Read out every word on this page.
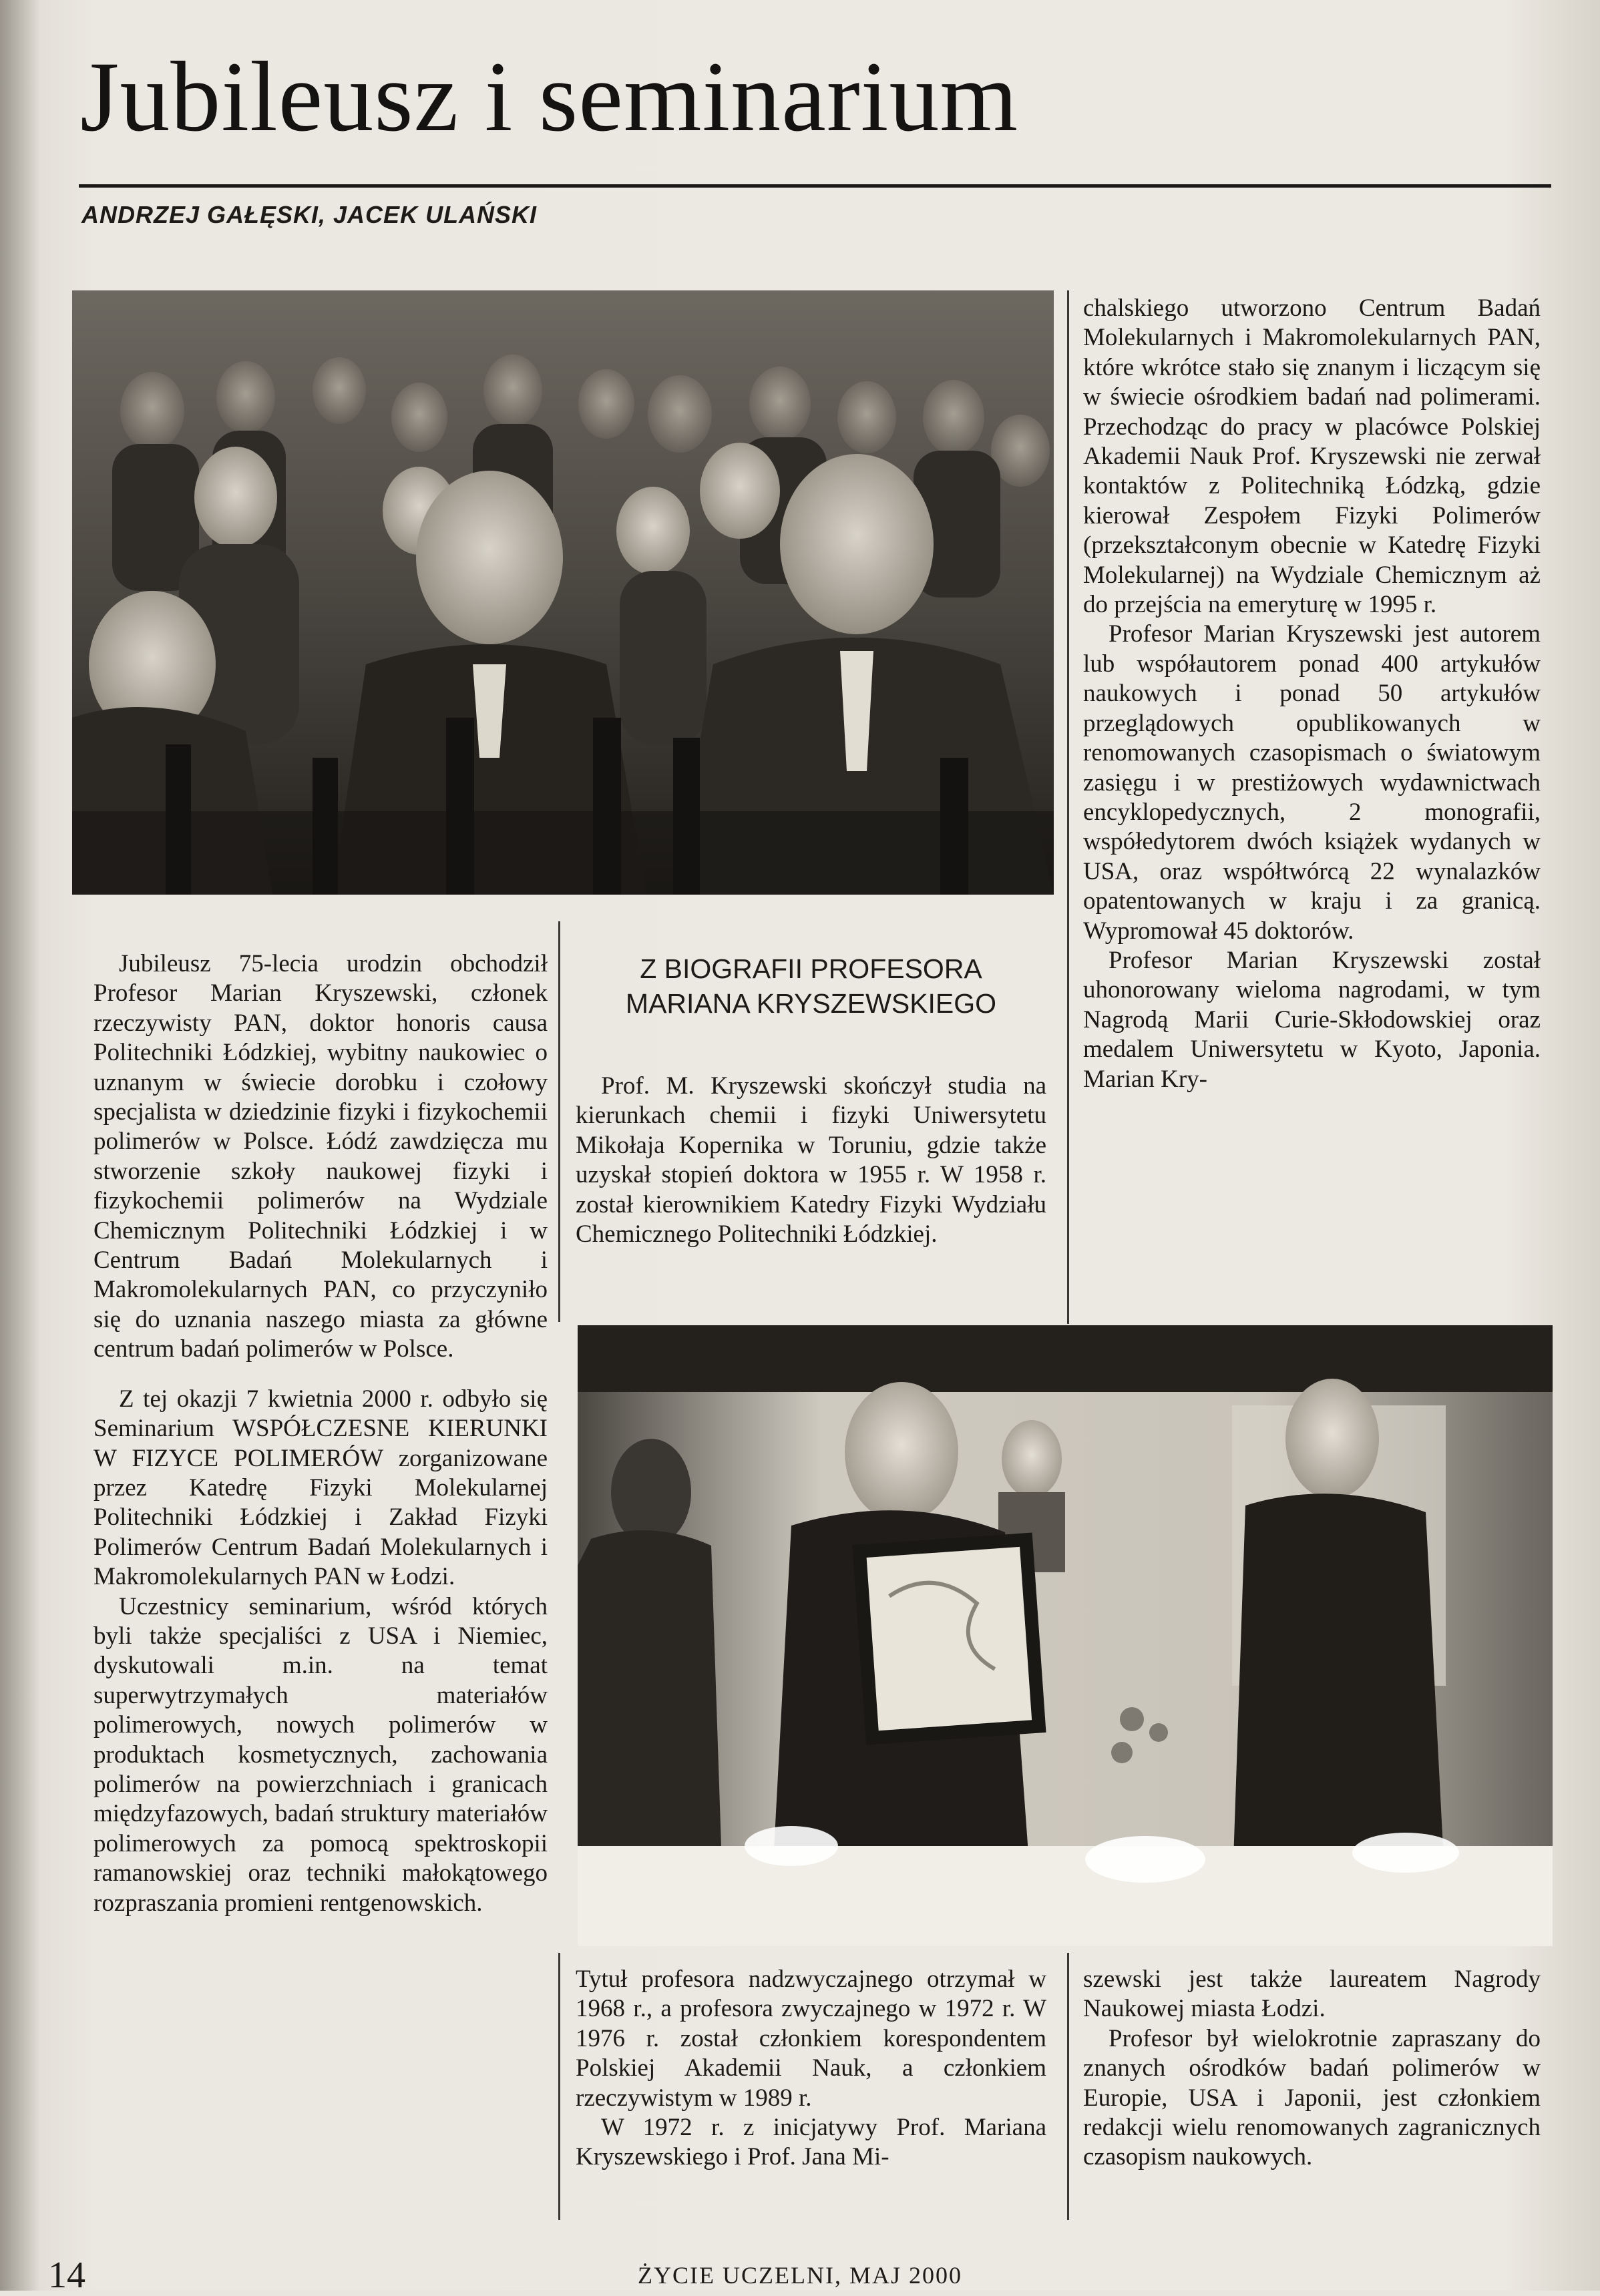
Jubileusz i seminarium
ANDRZEJ GAŁĘSKI, JACEK ULAŃSKI

chalskiego utworzono Centrum Badań Molekularnych i Makromolekularnych PAN, które wkrótce stało się znanym i liczącym się w świecie ośrodkiem badań nad polimerami. Przechodząc do pracy w placówce Polskiej Akademii Nauk Prof. Kryszewski nie zerwał kontaktów z Politechniką Łódzką, gdzie kierował Zespołem Fizyki Polimerów (przekształconym obecnie w Katedrę Fizyki Molekularnej) na Wydziale Chemicznym aż do przejścia na emeryturę w 1995 r.

Profesor Marian Kryszewski jest autorem lub współautorem ponad 400 artykułów naukowych i ponad 50 artykułów przeglądowych opublikowanych w renomowanych czasopismach o światowym zasięgu i w prestiżowych wydawnictwach encyklopedycznych, 2 monografii, współedytorem dwóch książek wydanych w USA, oraz współtwórcą 22 wynalazków opatentowanych w kraju i za granicą. Wypromował 45 doktorów.

Profesor Marian Kryszewski został uhonorowany wieloma nagrodami, w tym Nagrodą Marii Curie-Skłodowskiej oraz medalem Uniwersytetu w Kyoto, Japonia. Marian Kry-

Jubileusz 75-lecia urodzin obchodził Profesor Marian Kryszewski, członek rzeczywisty PAN, doktor honoris causa Politechniki Łódzkiej, wybitny naukowiec o uznanym w świecie dorobku i czołowy specjalista w dziedzinie fizyki i fizykochemii polimerów w Polsce. Łódź zawdzięcza mu stworzenie szkoły naukowej fizyki i fizykochemii polimerów na Wydziale Chemicznym Politechniki Łódzkiej i w Centrum Badań Molekularnych i Makromolekularnych PAN, co przyczyniło się do uznania naszego miasta za główne centrum badań polimerów w Polsce.

Z tej okazji 7 kwietnia 2000 r. odbyło się Seminarium WSPÓŁCZESNE KIERUNKI W FIZYCE POLIMERÓW zorganizowane przez Katedrę Fizyki Molekularnej Politechniki Łódzkiej i Zakład Fizyki Polimerów Centrum Badań Molekularnych i Makromolekularnych PAN w Łodzi.

Uczestnicy seminarium, wśród których byli także specjaliści z USA i Niemiec, dyskutowali m.in. na temat superwytrzymałych materiałów polimerowych, nowych polimerów w produktach kosmetycznych, zachowania polimerów na powierzchniach i granicach międzyfazowych, badań struktury materiałów polimerowych za pomocą spektroskopii ramanowskiej oraz techniki małokątowego rozpraszania promieni rentgenowskich.

Z BIOGRAFII PROFESORA
MARIANA KRYSZEWSKIEGO

Prof. M. Kryszewski skończył studia na kierunkach chemii i fizyki Uniwersytetu Mikołaja Kopernika w Toruniu, gdzie także uzyskał stopień doktora w 1955 r. W 1958 r. został kierownikiem Katedry Fizyki Wydziału Chemicznego Politechniki Łódzkiej.

Tytuł profesora nadzwyczajnego otrzymał w 1968 r., a profesora zwyczajnego w 1972 r. W 1976 r. został członkiem korespondentem Polskiej Akademii Nauk, a członkiem rzeczywistym w 1989 r.

W 1972 r. z inicjatywy Prof. Mariana Kryszewskiego i Prof. Jana Mi-

szewski jest także laureatem Nagrody Naukowej miasta Łodzi.

Profesor był wielokrotnie zapraszany do znanych ośrodków badań polimerów w Europie, USA i Japonii, jest członkiem redakcji wielu renomowanych zagranicznych czasopism naukowych.

14	ŻYCIE UCZELNI, MAJ 2000
